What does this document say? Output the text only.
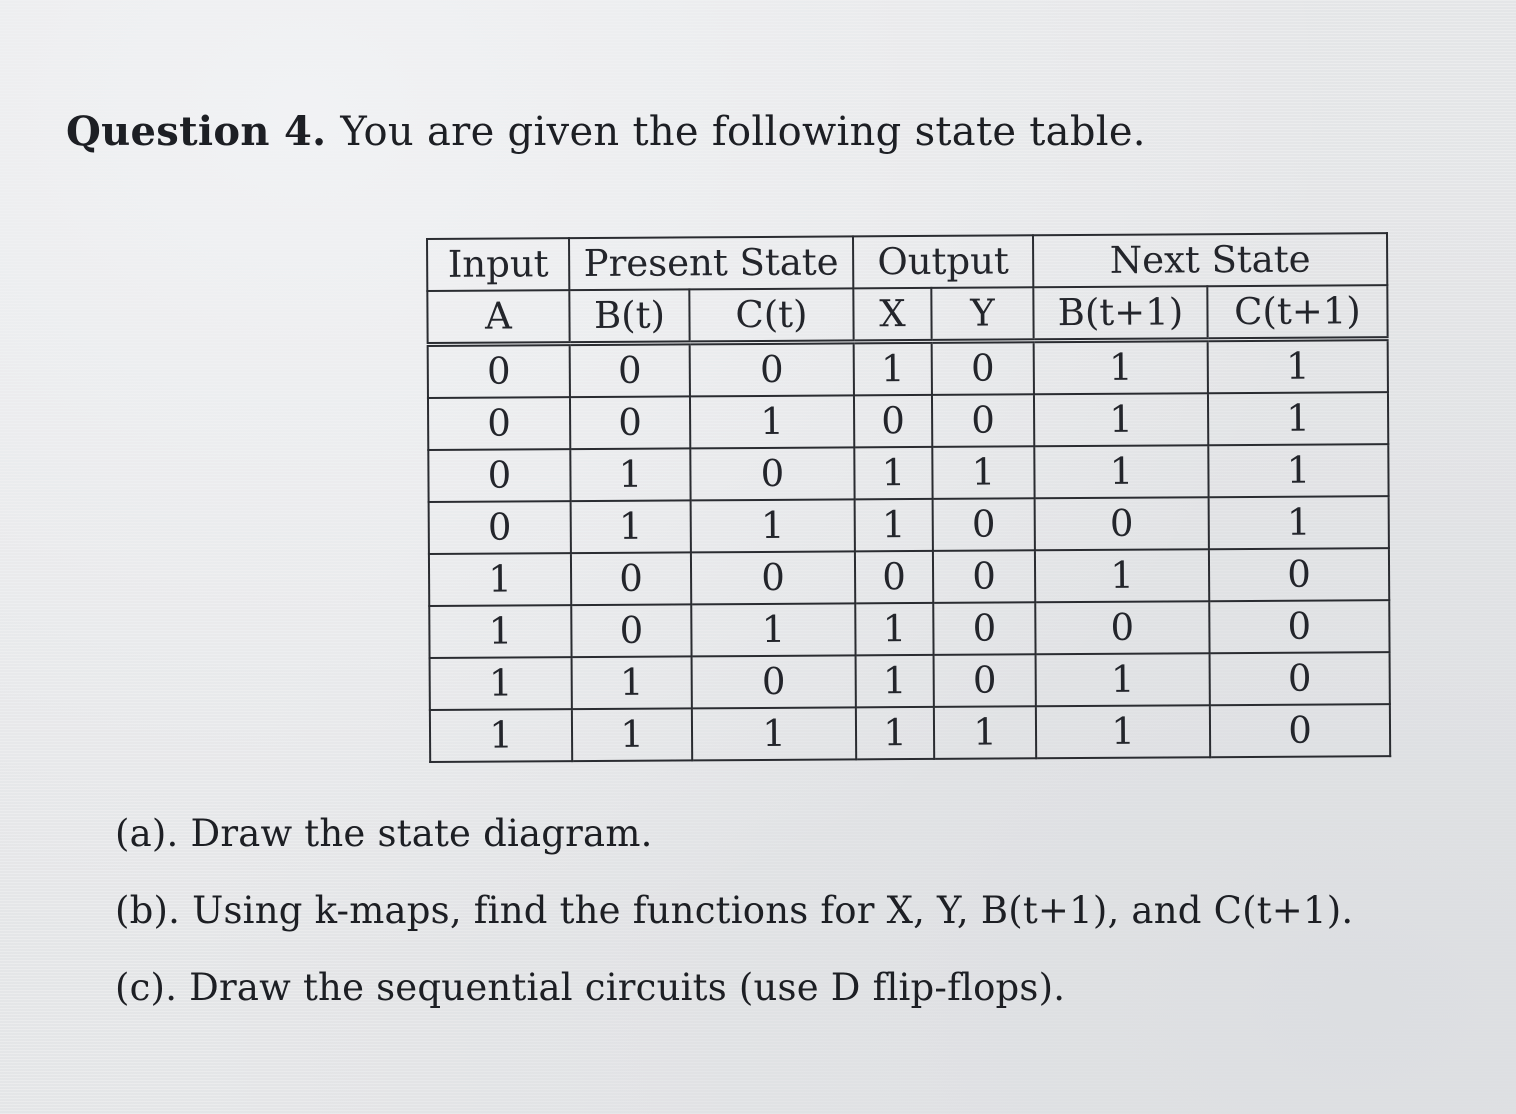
Question 4. You are given the following state table.
Input	Present State		Output		Next State	
A	B(t)	C(t)	X	Y	B(t+1)	C(t+1)
0	0	0	1	0	1	1
0	0	1	0	0	1	1
0	1	0	1	1	1	1
0	1	1	1	0	0	1
1	0	0	0	0	1	0
1	0	1	1	0	0	0
1	1	0	1	0	1	0
1	1	1	1	1	1	0
(a). Draw the state diagram.
(b). Using k-maps, find the functions for X, Y, B(t+1), and C(t+1).
(c). Draw the sequential circuits (use D flip-flops).
